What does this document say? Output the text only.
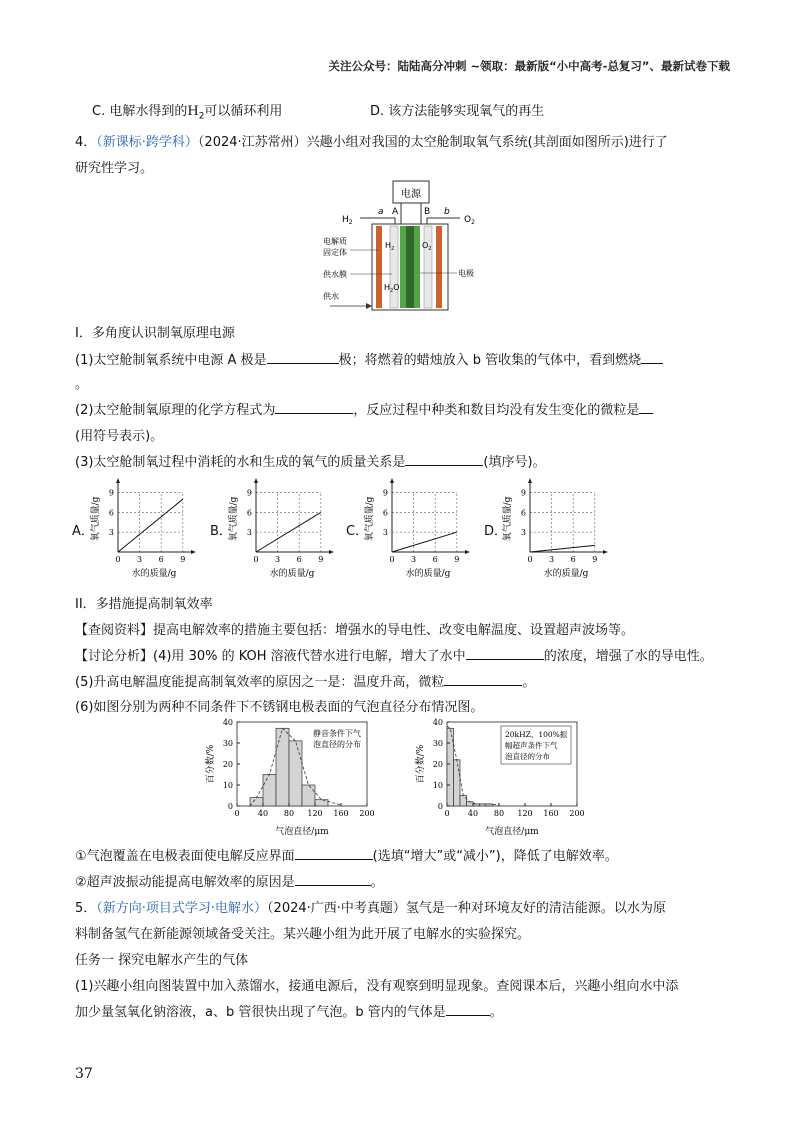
关注公众号：陆陆高分冲刺 ~领取：最新版“小中高考-总复习”、最新试卷下载
C. 电解水得到的$H_2$可以循环利用	D. 该方法能够实现氧气的再生
4．（新课标·跨学科）（2024·江苏常州）兴趣小组对我国的太空舱制取氧气系统(其剖面如图所示)进行了
研究性学习。
电源
A	B
a	b
$H_2$	$O_2$
$H_2$	$O_2$
$H_2O$
电解质
固定体
供水膜	电极
供水
I．多角度认识制氧原理电源
(1)太空舱制氧系统中电源 A 极是	极；将燃着的蜡烛放入 b 管收集的气体中，看到燃烧
。
(2)太空舱制氧原理的化学方程式为	，反应过程中种类和数目均没有发生变化的微粒是
(用符号表示)。
(3)太空舱制氧过程中消耗的水和生成的氧气的质量关系是	(填序号)。
A．	B．	C．	D．
0 3 6 9
3
6
9
水的质量/g
氧气质量/g
0 3 6 9
3
6
9
水的质量/g
氧气质量/g
0 3 6 9
3
6
9
水的质量/g
氧气质量/g
0 3 6 9
3
6
9
水的质量/g
氧气质量/g
II．多措施提高制氧效率
【查阅资料】提高电解效率的措施主要包括：增强水的导电性、改变电解温度、设置超声波场等。
【讨论分析】(4)用 30% 的 KOH 溶液代替水进行电解，增大了水中	的浓度，增强了水的导电性。
(5)升高电解温度能提高制氧效率的原因之一是：温度升高，微粒	。
(6)如图分别为两种不同条件下不锈钢电极表面的气泡直径分布情况图。
0 40 80 120 160 200
0
10
20
30
40
气泡直径/μm
百分数/%
静音条件下气
泡直径的分布
0 40 80 120 160 200
0
10
20
30
40
气泡直径/μm
百分数/%
20kHZ、100%振
幅超声条件下气
泡直径的分布
①气泡覆盖在电极表面使电解反应界面	(选填“增大”或“减小”)，降低了电解效率。
②超声波振动能提高电解效率的原因是	。
5．（新方向·项目式学习·电解水）（2024·广西·中考真题）氢气是一种对环境友好的清洁能源。以水为原
料制备氢气在新能源领域备受关注。某兴趣小组为此开展了电解水的实验探究。
任务一 探究电解水产生的气体
(1)兴趣小组向图装置中加入蒸馏水，接通电源后，没有观察到明显现象。查阅课本后，兴趣小组向水中添
加少量氢氧化钠溶液，a、b 管很快出现了气泡。b 管内的气体是	。
37
